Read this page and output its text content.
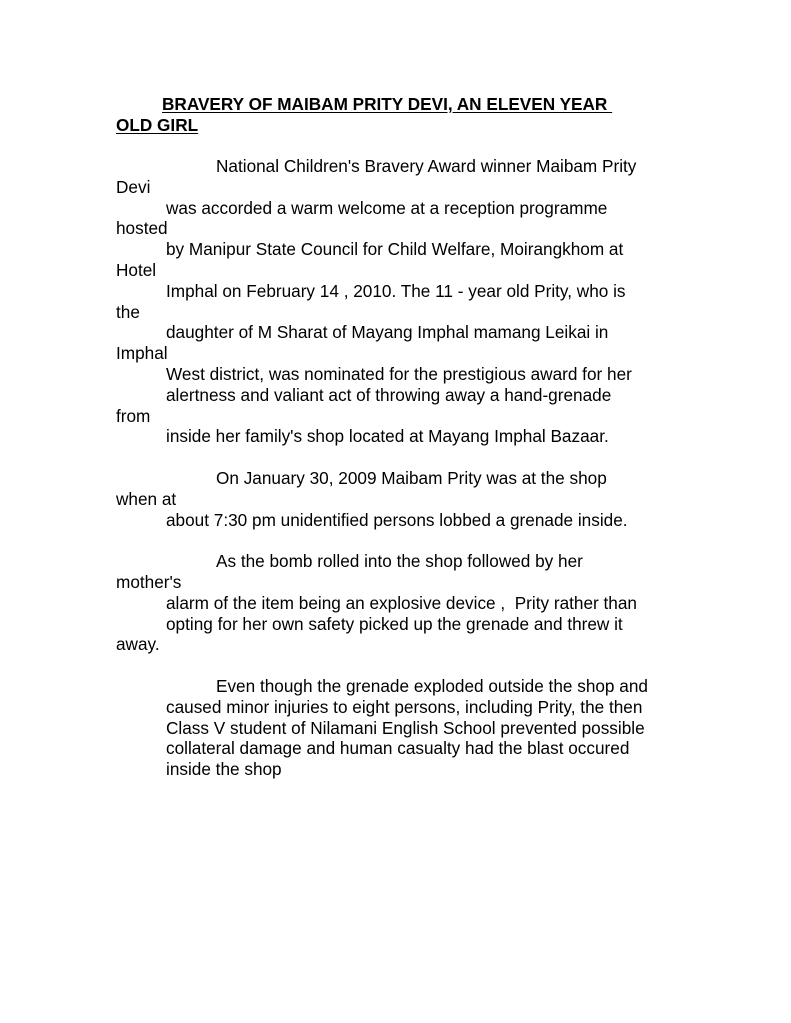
BRAVERY OF MAIBAM PRITY DEVI, AN ELEVEN YEAR
OLD GIRL
National Children's Bravery Award winner Maibam Prity
Devi
was accorded a warm welcome at a reception programme
hosted
by Manipur State Council for Child Welfare, Moirangkhom at
Hotel
Imphal on February 14 , 2010. The 11 - year old Prity, who is
the
daughter of M Sharat of Mayang Imphal mamang Leikai in
Imphal
West district, was nominated for the prestigious award for her
alertness and valiant act of throwing away a hand-grenade
from
inside her family's shop located at Mayang Imphal Bazaar.
On January 30, 2009 Maibam Prity was at the shop
when at
about 7:30 pm unidentified persons lobbed a grenade inside.
As the bomb rolled into the shop followed by her
mother's
alarm of the item being an explosive device ,  Prity rather than
opting for her own safety picked up the grenade and threw it
away.
Even though the grenade exploded outside the shop and
caused minor injuries to eight persons, including Prity, the then
Class V student of Nilamani English School prevented possible
collateral damage and human casualty had the blast occured
inside the shop
